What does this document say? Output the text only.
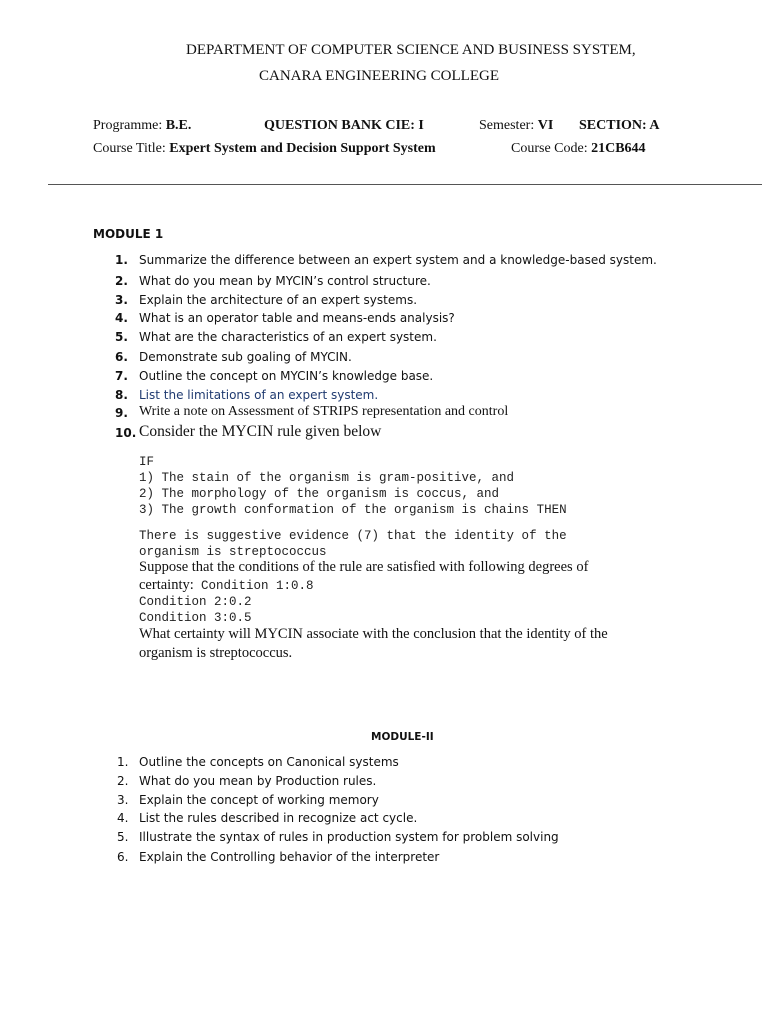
DEPARTMENT OF COMPUTER SCIENCE AND BUSINESS SYSTEM,
CANARA ENGINEERING COLLEGE
Programme: B.E.	QUESTION BANK CIE: I	Semester: VI SECTION: A
Course Title: Expert System and Decision Support System	Course Code: 21CB644
MODULE 1
1. Summarize the difference between an expert system and a knowledge-based system.
2. What do you mean by MYCIN’s control structure.
3. Explain the architecture of an expert systems.
4. What is an operator table and means-ends analysis?
5. What are the characteristics of an expert system.
6. Demonstrate sub goaling of MYCIN.
7. Outline the concept on MYCIN’s knowledge base.
8. List the limitations of an expert system.
9. Write a note on Assessment of STRIPS representation and control
10. Consider the MYCIN rule given below
IF
1) The stain of the organism is gram-positive, and
2) The morphology of the organism is coccus, and
3) The growth conformation of the organism is chains THEN
There is suggestive evidence (7) that the identity of the
organism is streptococcus
Suppose that the conditions of the rule are satisfied with following degrees of
certainty: Condition 1:0.8
Condition 2:0.2
Condition 3:0.5
What certainty will MYCIN associate with the conclusion that the identity of the
organism is streptococcus.
MODULE-II
1. Outline the concepts on Canonical systems
2. What do you mean by Production rules.
3. Explain the concept of working memory
4. List the rules described in recognize act cycle.
5. Illustrate the syntax of rules in production system for problem solving
6. Explain the Controlling behavior of the interpreter
